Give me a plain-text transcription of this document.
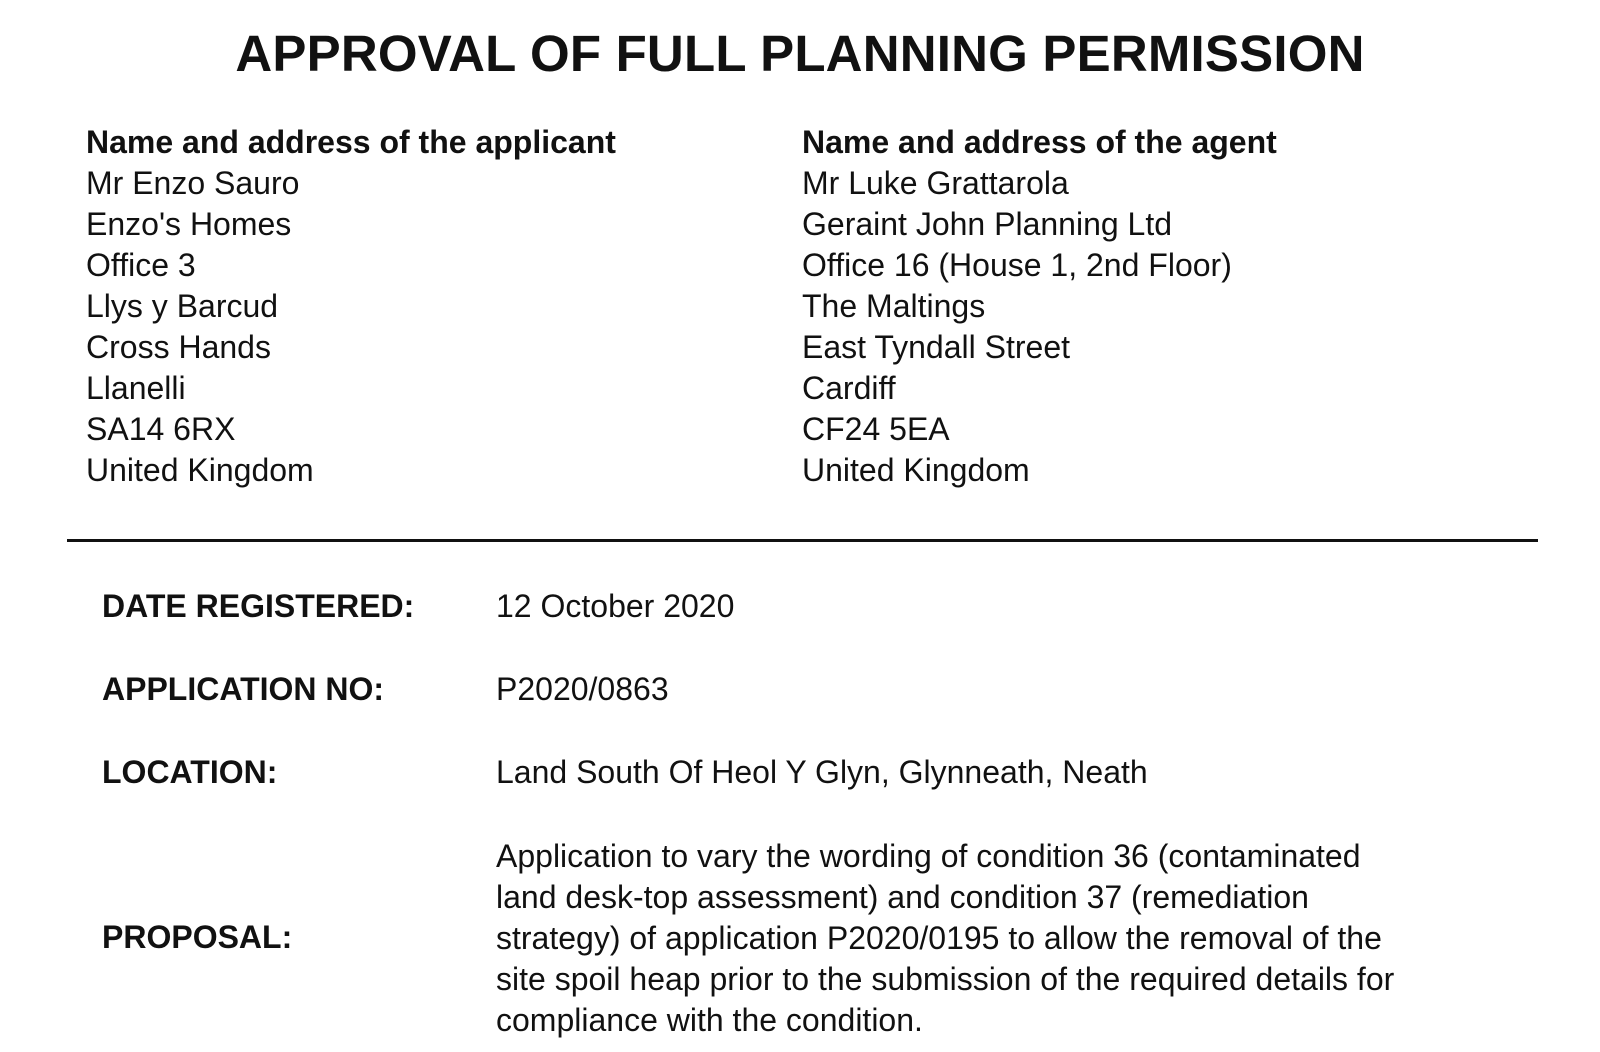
APPROVAL OF FULL PLANNING PERMISSION

Name and address of the applicant

Mr Enzo Sauro

Enzo's Homes

Office 3

Llys y Barcud

Cross Hands

Llanelli

SA14 6RX

United Kingdom

Name and address of the agent

Mr Luke Grattarola

Geraint John Planning Ltd

Office 16 (House 1, 2nd Floor)

The Maltings

East Tyndall Street

Cardiff

CF24 5EA

United Kingdom

DATE REGISTERED:	12 October 2020
APPLICATION NO:	P2020/0863
LOCATION:	Land South Of Heol Y Glyn, Glynneath, Neath
PROPOSAL:
Application to vary the wording of condition 36 (contaminated
land desk-top assessment) and condition 37 (remediation
strategy) of application P2020/0195 to allow the removal of the
site spoil heap prior to the submission of the required details for
compliance with the condition.
